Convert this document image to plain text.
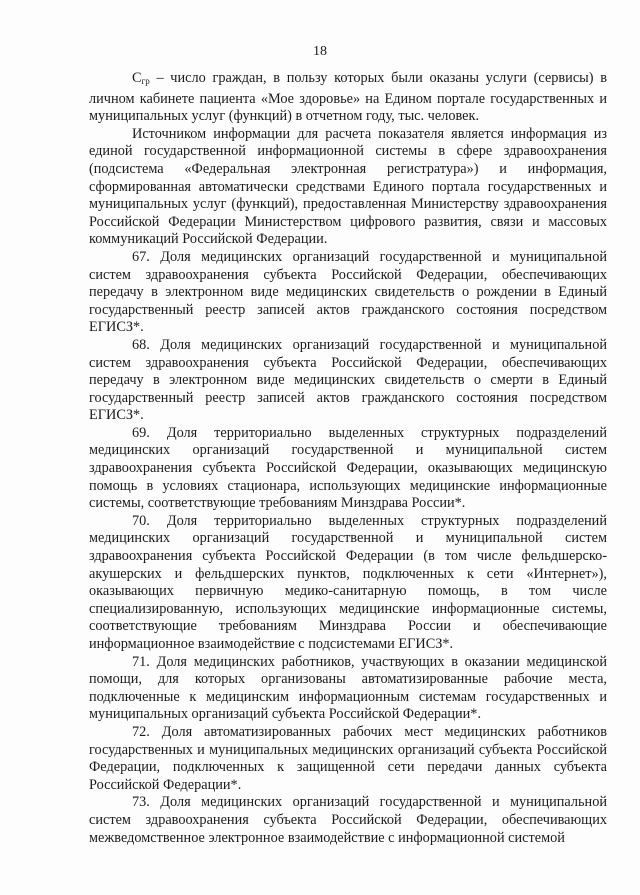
18

$С_{гр}$ – число граждан, в пользу которых были оказаны услуги (сервисы) в личном кабинете пациента «Мое здоровье» на Едином портале государственных и муниципальных услуг (функций) в отчетном году, тыс. человек.

Источником информации для расчета показателя является информация из единой государственной информационной системы в сфере здравоохранения (подсистема «Федеральная электронная регистратура») и информация, сформированная автоматически средствами Единого портала государственных и муниципальных услуг (функций), предоставленная Министерству здравоохранения Российской Федерации Министерством цифрового развития, связи и массовых коммуникаций Российской Федерации.

67. Доля медицинских организаций государственной и муниципальной систем здравоохранения субъекта Российской Федерации, обеспечивающих передачу в электронном виде медицинских свидетельств о рождении в Единый государственный реестр записей актов гражданского состояния посредством ЕГИСЗ*.

68. Доля медицинских организаций государственной и муниципальной систем здравоохранения субъекта Российской Федерации, обеспечивающих передачу в электронном виде медицинских свидетельств о смерти в Единый государственный реестр записей актов гражданского состояния посредством ЕГИСЗ*.

69. Доля территориально выделенных структурных подразделений медицинских организаций государственной и муниципальной систем здравоохранения субъекта Российской Федерации, оказывающих медицинскую помощь в условиях стационара, использующих медицинские информационные системы, соответствующие требованиям Минздрава России*.

70. Доля территориально выделенных структурных подразделений медицинских организаций государственной и муниципальной систем здравоохранения субъекта Российской Федерации (в том числе фельдшерско-акушерских и фельдшерских пунктов, подключенных к сети «Интернет»), оказывающих первичную медико-санитарную помощь, в том числе специализированную, использующих медицинские информационные системы, соответствующие требованиям Минздрава России и обеспечивающие информационное взаимодействие с подсистемами ЕГИСЗ*.

71. Доля медицинских работников, участвующих в оказании медицинской помощи, для которых организованы автоматизированные рабочие места, подключенные к медицинским информационным системам государственных и муниципальных организаций субъекта Российской Федерации*.

72. Доля автоматизированных рабочих мест медицинских работников государственных и муниципальных медицинских организаций субъекта Российской Федерации, подключенных к защищенной сети передачи данных субъекта Российской Федерации*.

73. Доля медицинских организаций государственной и муниципальной систем здравоохранения субъекта Российской Федерации, обеспечивающих межведомственное электронное взаимодействие с информационной системой
